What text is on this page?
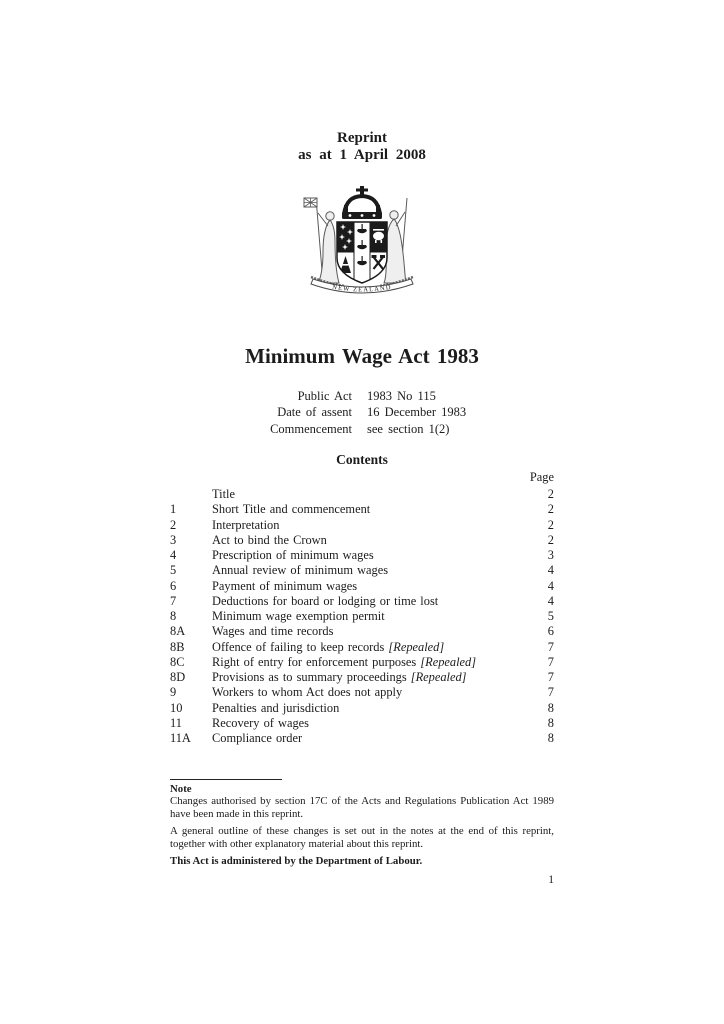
Reprint
as at 1 April 2008
NEW ZEALAND
Minimum Wage Act 1983
Public Act 1983 No 115
Date of assent 16 December 1983
Commencement see section 1(2)
Contents
Page
Title	2
1	Short Title and commencement	2
2	Interpretation	2
3	Act to bind the Crown	2
4	Prescription of minimum wages	3
5	Annual review of minimum wages	4
6	Payment of minimum wages	4
7	Deductions for board or lodging or time lost	4
8	Minimum wage exemption permit	5
8A	Wages and time records	6
8B	Offence of failing to keep records [Repealed]	7
8C	Right of entry for enforcement purposes [Repealed]	7
8D	Provisions as to summary proceedings [Repealed]	7
9	Workers to whom Act does not apply	7
10	Penalties and jurisdiction	8
11	Recovery of wages	8
11A	Compliance order	8
Note

Changes authorised by section 17C of the Acts and Regulations Publication Act 1989 have been made in this reprint.

A general outline of these changes is set out in the notes at the end of this reprint, together with other explanatory material about this reprint.

This Act is administered by the Department of Labour.

1
